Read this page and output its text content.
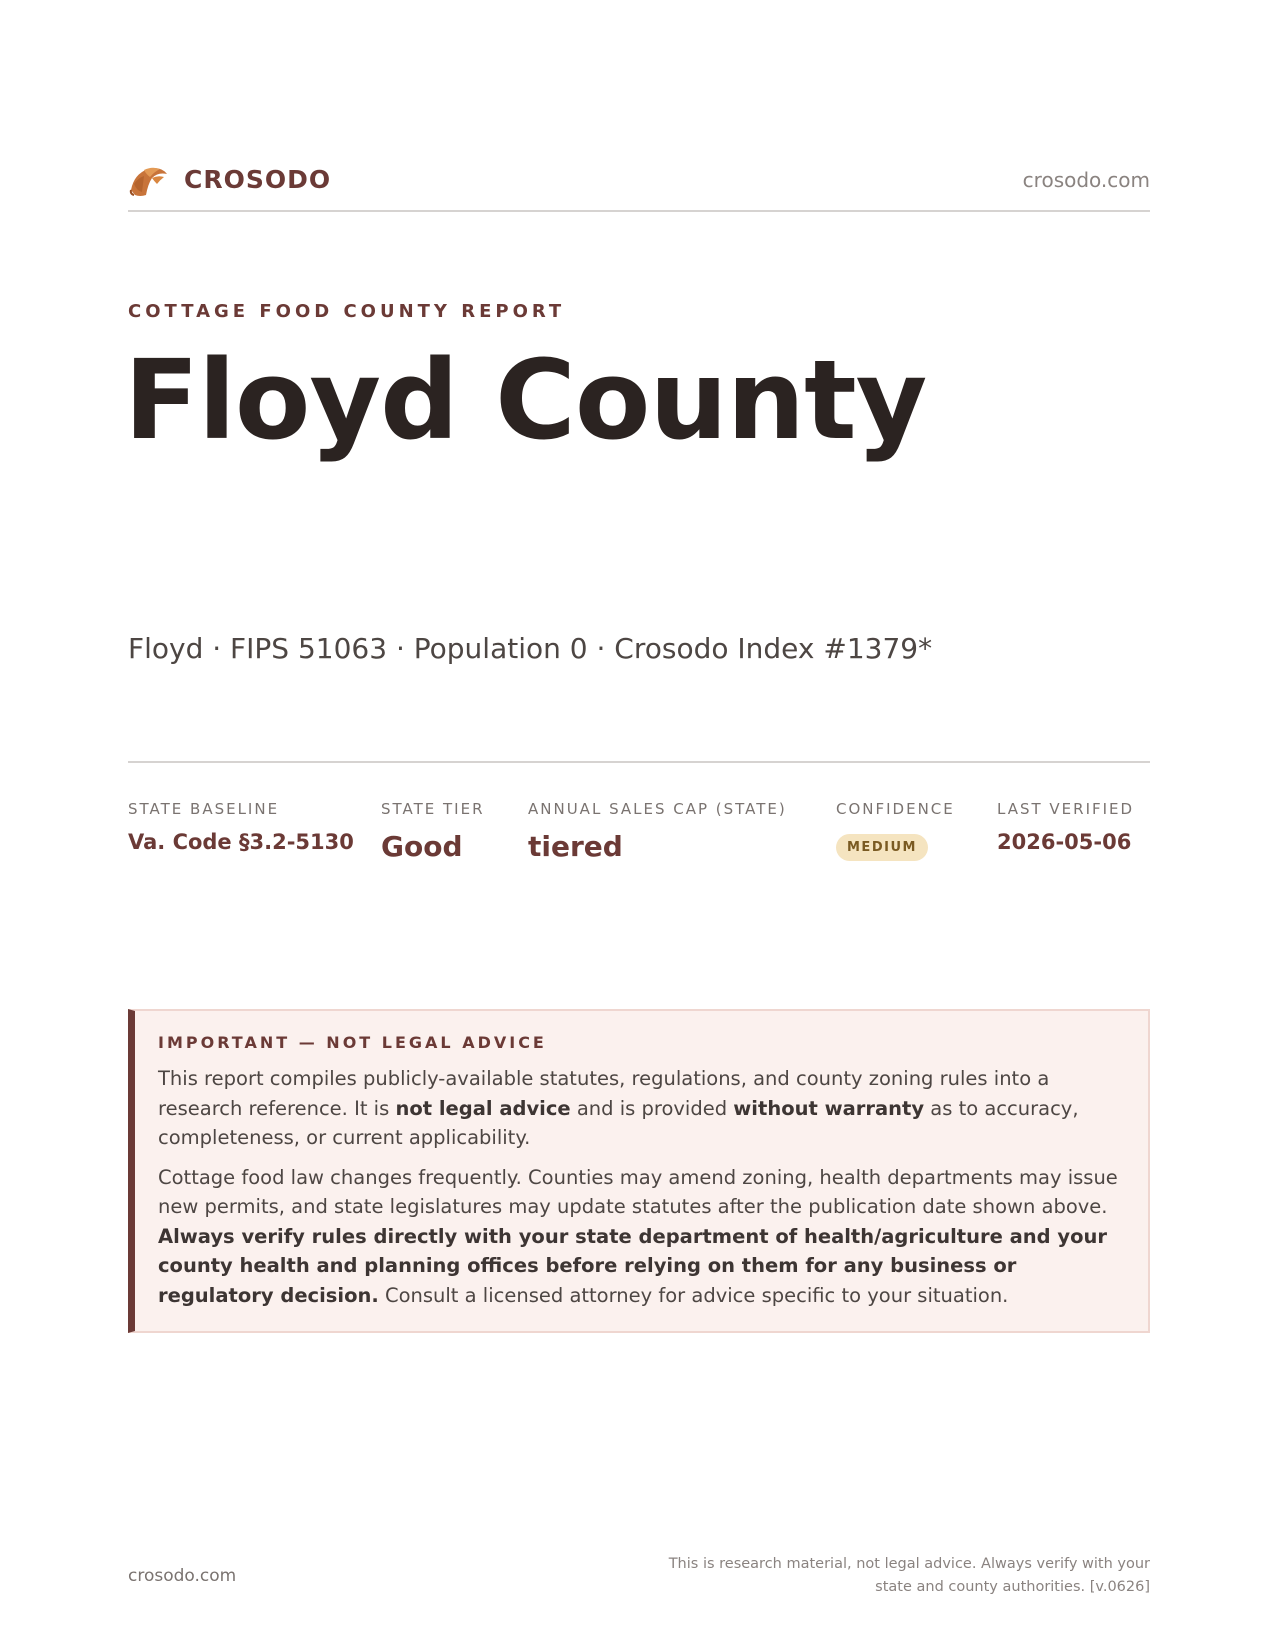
CROSODO	crosodo.com
COTTAGE FOOD COUNTY REPORT
Floyd County
Floyd · FIPS 51063 · Population 0 · Crosodo Index #1379*
STATE BASELINE
Va. Code §3.2-5130
STATE TIER
Good
ANNUAL SALES CAP (STATE)
tiered
CONFIDENCE
MEDIUM
LAST VERIFIED
2026-05-06
IMPORTANT — NOT LEGAL ADVICE

This report compiles publicly-available statutes, regulations, and county zoning rules into a research reference. It is not legal advice and is provided without warranty as to accuracy, completeness, or current applicability.

Cottage food law changes frequently. Counties may amend zoning, health departments may issue new permits, and state legislatures may update statutes after the publication date shown above. Always verify rules directly with your state department of health/agriculture and your county health and planning offices before relying on them for any business or regulatory decision. Consult a licensed attorney for advice specific to your situation.

crosodo.com
This is research material, not legal advice. Always verify with your state and county authorities. [v.0626]
